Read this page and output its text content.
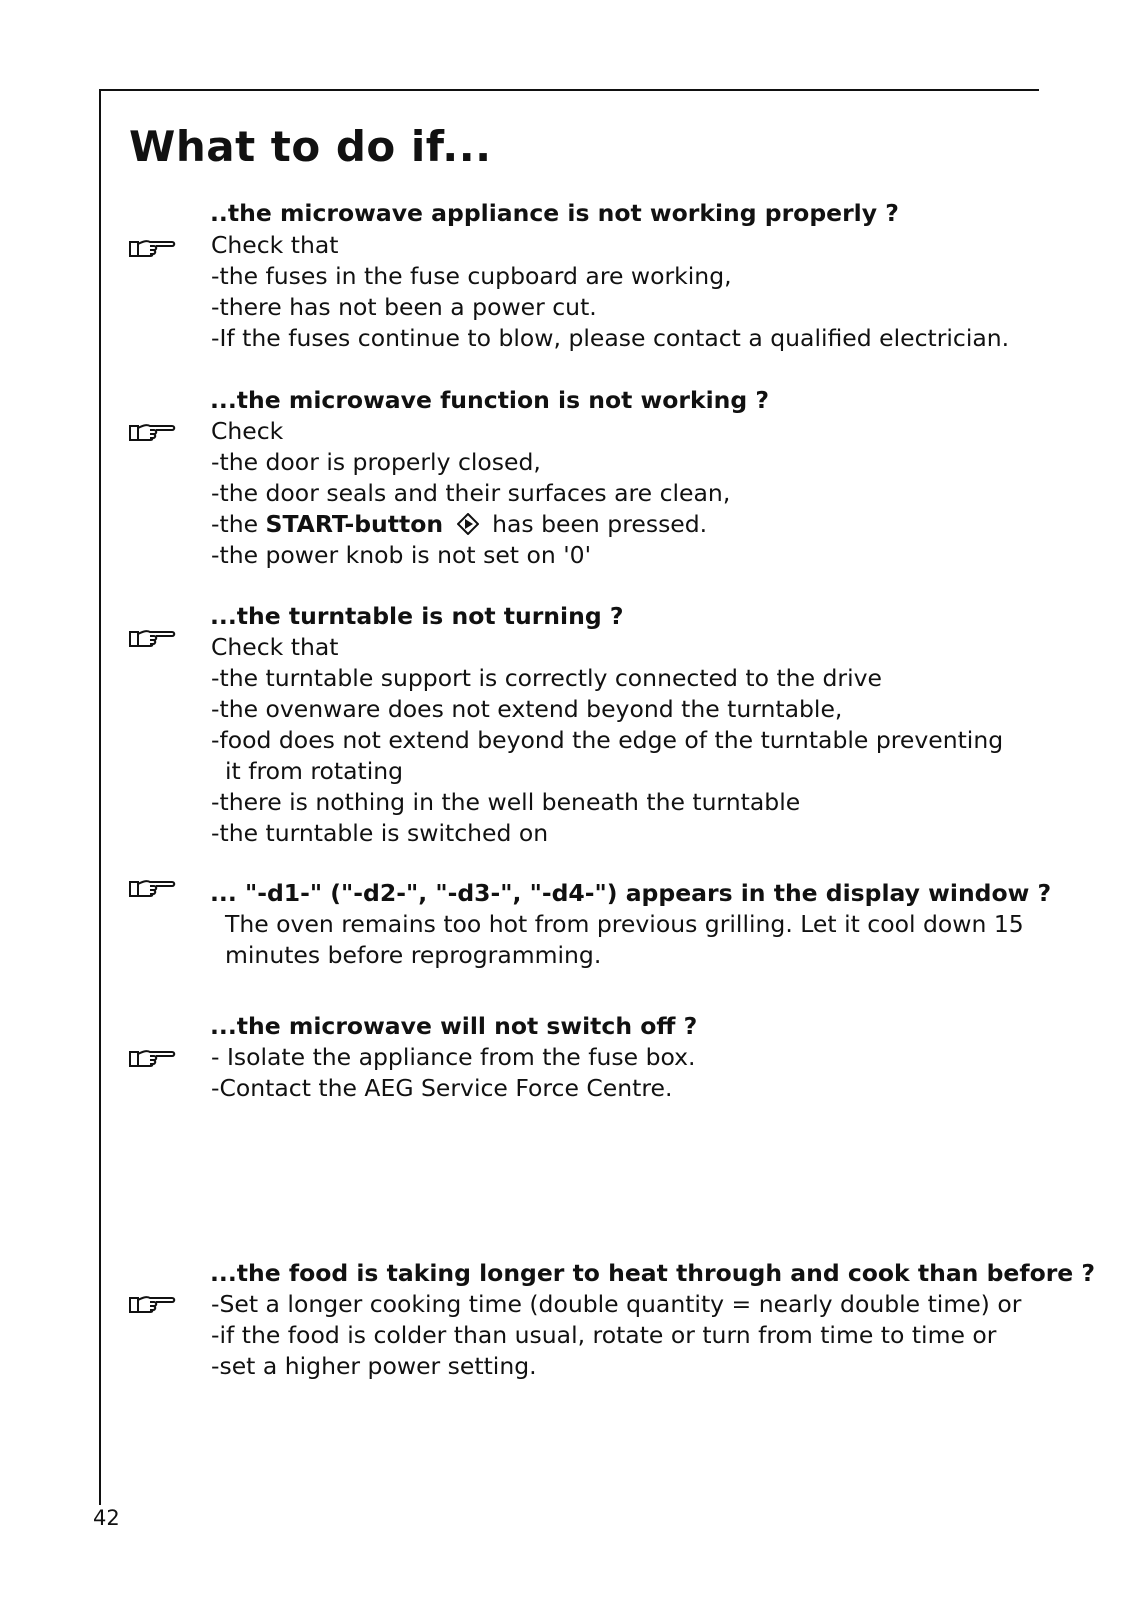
What to do if...
..the microwave appliance is not working properly ?
Check that
-the fuses in the fuse cupboard are working,
-there has not been a power cut.
-If the fuses continue to blow, please contact a qualified electrician.
...the microwave function is not working ?
Check
-the door is properly closed,
-the door seals and their surfaces are clean,
-the START-button has been pressed.
-the power knob is not set on '0'
...the turntable is not turning ?
Check that
-the turntable support is correctly connected to the drive
-the ovenware does not extend beyond the turntable,
-food does not extend beyond the edge of the turntable preventing
it from rotating
-there is nothing in the well beneath the turntable
-the turntable is switched on
... "-d1-" ("-d2-", "-d3-", "-d4-") appears in the display window ?
The oven remains too hot from previous grilling. Let it cool down 15
minutes before reprogramming.
...the microwave will not switch off ?
- Isolate the appliance from the fuse box.
-Contact the AEG Service Force Centre.
...the food is taking longer to heat through and cook than before ?
-Set a longer cooking time (double quantity = nearly double time) or
-if the food is colder than usual, rotate or turn from time to time or
-set a higher power setting.
42
